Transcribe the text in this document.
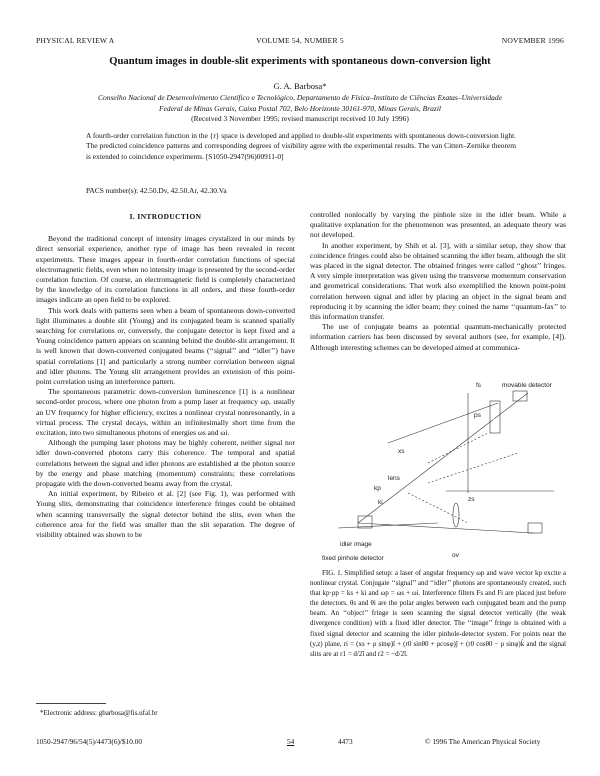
PHYSICAL REVIEW A	VOLUME 54, NUMBER 5	NOVEMBER 1996
Quantum images in double-slit experiments with spontaneous down-conversion light
G. A. Barbosa*
Conselho Nacional de Desenvolvimento Científico e Tecnológico, Departamento de Física–Instituto de Ciências Exatas–Universidade
Federal de Minas Gerais, Caixa Postal 702, Belo Horizonte 30161-970, Minas Gerais, Brazil
(Received 3 November 1995; revised manuscript received 10 July 1996)
A fourth-order correlation function in the {r} space is developed and applied to double-slit experiments with spontaneous down-conversion light. The predicted coincidence patterns and corresponding degrees of visibility agree with the experimental results. The van Cittert–Zernike theorem is extended to coincidence experiments. [S1050-2947(96)00911-0]
PACS number(s): 42.50.Dv, 42.50.Ar, 42.30.Va

I. INTRODUCTION

Beyond the traditional concept of intensity images crystalized in our minds by direct sensorial experience, another type of image has been revealed in recent experiments. These images appear in fourth-order correlation functions of special electromagnetic fields, even when no intensity image is presented by the second-order correlation function. Of course, an electromagnetic field is completely characterized by the knowledge of its correlation functions in all orders, and these fourth-order images indicate an open field to be explored.

This work deals with patterns seen when a beam of spontaneous down-converted light illuminates a double slit (Young) and its conjugated beam is scanned spatially searching for correlations or, conversely, the conjugate detector is kept fixed and a Young coincidence pattern appears on scanning behind the double-slit arrangement. It is well known that down-converted conjugated beams (‘‘signal’’ and ‘‘idler’’) have spatial correlations [1] and particularly a strong number correlation between signal and idler photons. The Young slit arrangement provides an extension of this point-point correlation using an interference pattern.

The spontaneous parametric down-conversion luminescence [1] is a nonlinear second-order process, where one photon from a pump laser at frequency ωp, usually an UV frequency for higher efficiency, excites a nonlinear crystal nonresonantly, in a virtual process. The crystal decays, within an infinitesimally short time from the excitation, into two simultaneous photons of energies ωs and ωi.

Although the pumping laser photons may be highly coherent, neither signal nor idler down-converted photons carry this coherence. The temporal and spatial correlations between the signal and idler photons are established at the photon source by the energy and phase matching (momentum) constraints; these correlations propagate with the down-converted beams away from the crystal.

An initial experiment, by Ribeiro et al. [2] (see Fig. 1), was performed with Young slits, demonstrating that coincidence interference fringes could be obtained when scanning transversally the signal detector behind the slits, even when the coherence area for the field was smaller than the slit separation. The degree of visibility obtained was shown to be

controlled nonlocally by varying the pinhole size in the idler beam. While a qualitative explanation for the phenomenon was presented, an adequate theory was not developed.

In another experiment, by Shih et al. [3], with a similar setup, they show that coincidence fringes could also be obtained scanning the idler beam, although the slit was placed in the signal detector. The obtained fringes were called ‘‘ghost’’ fringes. A very simple interpretation was given using the transverse momentum conservation and geometrical considerations. That work also exemplified the known point-point correlation between signal and idler by placing an object in the signal beam and reproducing it by scanning the idler beam; they coined the name ‘‘quantum-fax’’ to this information transfer.

The use of conjugate beams as potential quantum-mechanically protected information carriers has been discussed by several authors (see, for example, [4]). Although interesting schemes can be developed aimed at communica-

fs	movable detector
ps
xs
zs
lens
kp
ki
idler image
fixed pinhole detector	ov

FIG. 1. Simplified setup: a laser of angular frequency ωp and wave vector kp excite a nonlinear crystal. Conjugate ‘‘signal’’ and ‘‘idler’’ photons are spontaneously created, such that kp·ρp = ks + ki and ωp = ωs + ωi. Interference filters Fs and Fi are placed just before the detectors. θs and θi are the polar angles between each conjugated beam and the pump beam. An ‘‘object’’ fringe is seen scanning the signal detector vertically (the weak divergence condition) with a fixed idler detector. The ‘‘image’’ fringe is obtained with a fixed signal detector and scanning the idler pinhole-detector system. For points near the (y,z) plane, ri = (xs + ρ sinφ)î + (r0 sinθ0 + ρcosφ)ĵ + (r0 cosθ0 − ρ sinφ)k̂ and the signal slits are at r1 = d/2î and r2 = −d/2î.

*Electronic address: gbarbosa@fis.ufal.br
1050-2947/96/54(5)/4473(6)/$10.00	54	4473	© 1996 The American Physical Society
